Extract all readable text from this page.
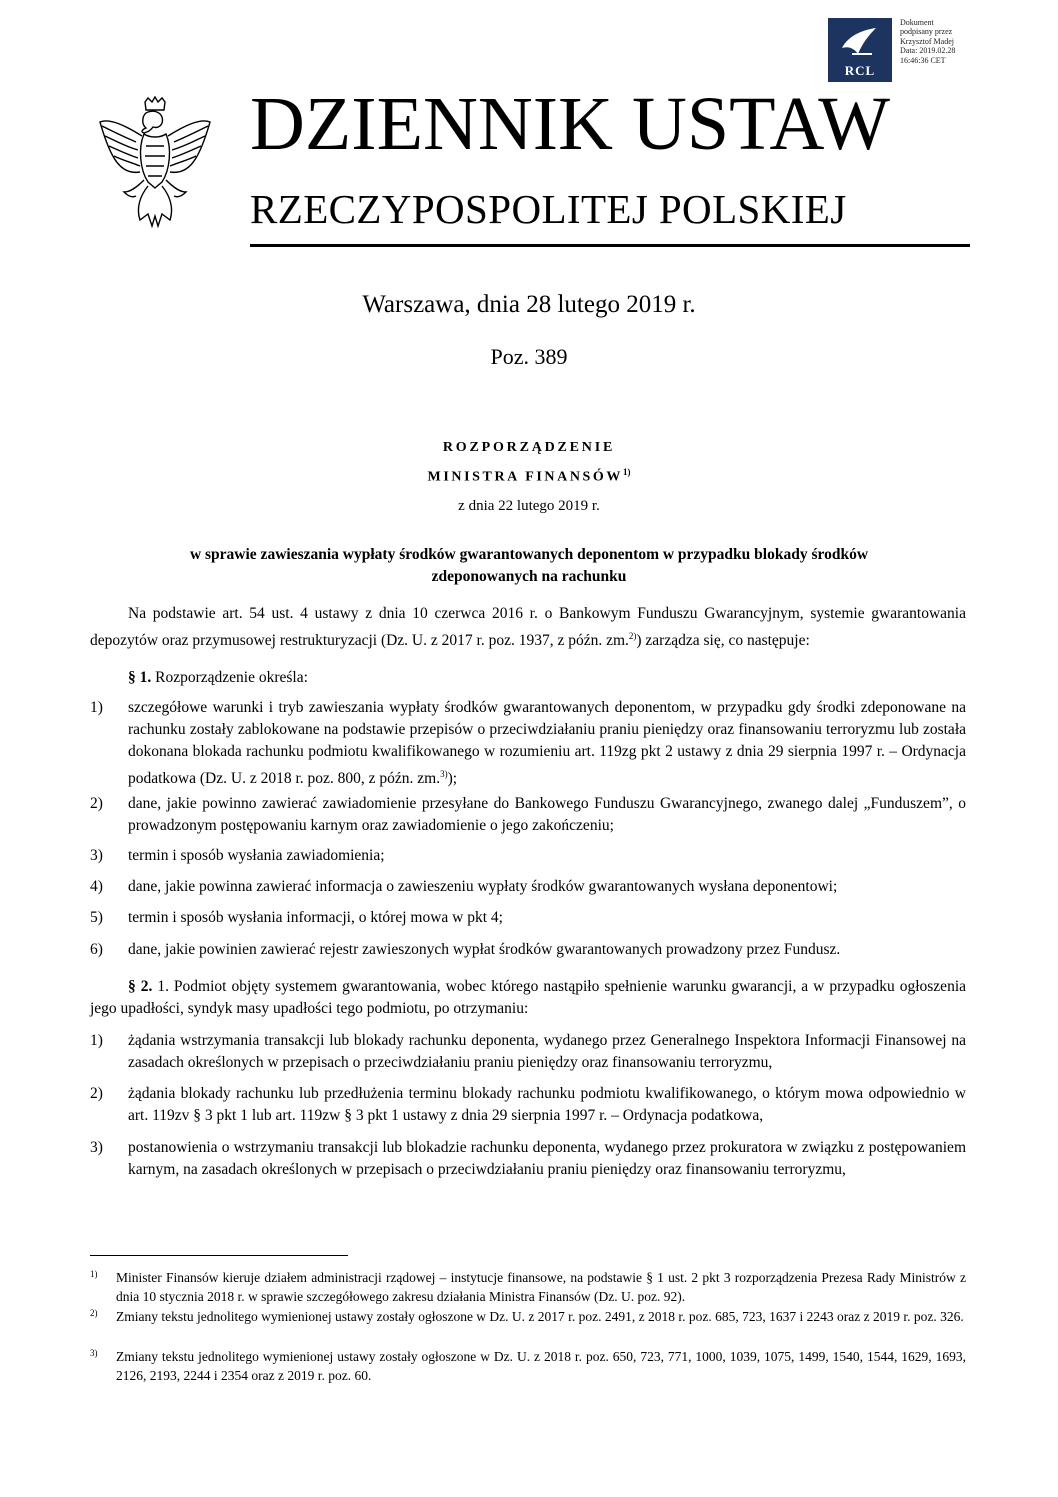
RCL
Dokument
podpisany przez
Krzysztof Madej
Data: 2019.02.28
16:46:36 CET
DZIENNIK USTAW
RZECZYPOSPOLITEJ POLSKIEJ
Warszawa, dnia 28 lutego 2019 r.
Poz. 389
ROZPORZĄDZENIE
MINISTRA FINANSÓW$^{1)}$
z dnia 22 lutego 2019 r.
w sprawie zawieszania wypłaty środków gwarantowanych deponentom w przypadku blokady środków zdeponowanych na rachunku
Na podstawie art. 54 ust. 4 ustawy z dnia 10 czerwca 2016 r. o Bankowym Funduszu Gwarancyjnym, systemie gwarantowania depozytów oraz przymusowej restrukturyzacji (Dz. U. z 2017 r. poz. 1937, z późn. zm.$^{2)}$) zarządza się, co następuje:
§ 1. Rozporządzenie określa:
1) szczegółowe warunki i tryb zawieszania wypłaty środków gwarantowanych deponentom, w przypadku gdy środki zdeponowane na rachunku zostały zablokowane na podstawie przepisów o przeciwdziałaniu praniu pieniędzy oraz finansowaniu terroryzmu lub została dokonana blokada rachunku podmiotu kwalifikowanego w rozumieniu art. 119zg pkt 2 ustawy z dnia 29 sierpnia 1997 r. – Ordynacja podatkowa (Dz. U. z 2018 r. poz. 800, z późn. zm.$^{3)}$);
2) dane, jakie powinno zawierać zawiadomienie przesyłane do Bankowego Funduszu Gwarancyjnego, zwanego dalej „Funduszem”, o prowadzonym postępowaniu karnym oraz zawiadomienie o jego zakończeniu;
3) termin i sposób wysłania zawiadomienia;
4) dane, jakie powinna zawierać informacja o zawieszeniu wypłaty środków gwarantowanych wysłana deponentowi;
5) termin i sposób wysłania informacji, o której mowa w pkt 4;
6) dane, jakie powinien zawierać rejestr zawieszonych wypłat środków gwarantowanych prowadzony przez Fundusz.
§ 2. 1. Podmiot objęty systemem gwarantowania, wobec którego nastąpiło spełnienie warunku gwarancji, a w przypadku ogłoszenia jego upadłości, syndyk masy upadłości tego podmiotu, po otrzymaniu:
1) żądania wstrzymania transakcji lub blokady rachunku deponenta, wydanego przez Generalnego Inspektora Informacji Finansowej na zasadach określonych w przepisach o przeciwdziałaniu praniu pieniędzy oraz finansowaniu terroryzmu,
2) żądania blokady rachunku lub przedłużenia terminu blokady rachunku podmiotu kwalifikowanego, o którym mowa odpowiednio w art. 119zv § 3 pkt 1 lub art. 119zw § 3 pkt 1 ustawy z dnia 29 sierpnia 1997 r. – Ordynacja podatkowa,
3) postanowienia o wstrzymaniu transakcji lub blokadzie rachunku deponenta, wydanego przez prokuratora w związku z postępowaniem karnym, na zasadach określonych w przepisach o przeciwdziałaniu praniu pieniędzy oraz finansowaniu terroryzmu,
1) Minister Finansów kieruje działem administracji rządowej – instytucje finansowe, na podstawie § 1 ust. 2 pkt 3 rozporządzenia Prezesa Rady Ministrów z dnia 10 stycznia 2018 r. w sprawie szczegółowego zakresu działania Ministra Finansów (Dz. U. poz. 92).
2) Zmiany tekstu jednolitego wymienionej ustawy zostały ogłoszone w Dz. U. z 2017 r. poz. 2491, z 2018 r. poz. 685, 723, 1637 i 2243 oraz z 2019 r. poz. 326.
3) Zmiany tekstu jednolitego wymienionej ustawy zostały ogłoszone w Dz. U. z 2018 r. poz. 650, 723, 771, 1000, 1039, 1075, 1499, 1540, 1544, 1629, 1693, 2126, 2193, 2244 i 2354 oraz z 2019 r. poz. 60.
